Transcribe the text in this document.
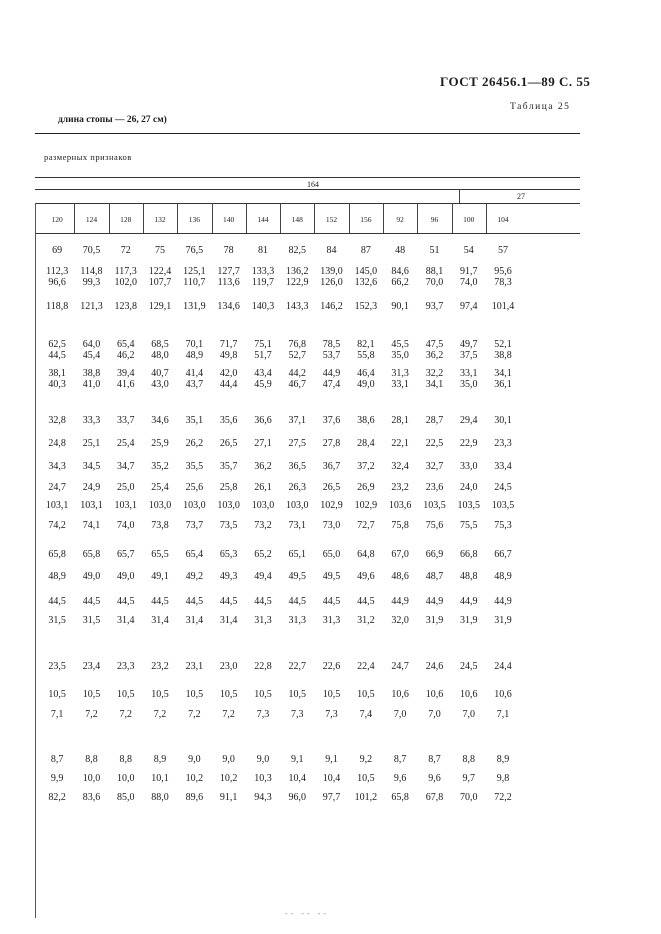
ГОСТ 26456.1—89 С. 55
Таблица 25
длина стопы — 26, 27 см)
размерных признаков
164
27
120	124	128	132	136	140	144	148	152	156	92	96	100	104
69	70,5	72	75	76,5	78	81	82,5	84	87	48	51	54	57
112,3	114,8	117,3	122,4	125,1	127,7	133,3	136,2	139,0	145,0	84,6	88,1	91,7	95,6
96,6	99,3	102,0	107,7	110,7	113,6	119,7	122,9	126,0	132,6	66,2	70,0	74,0	78,3
118,8	121,3	123,8	129,1	131,9	134,6	140,3	143,3	146,2	152,3	90,1	93,7	97,4	101,4
62,5	64,0	65,4	68,5	70,1	71,7	75,1	76,8	78,5	82,1	45,5	47,5	49,7	52,1
44,5	45,4	46,2	48,0	48,9	49,8	51,7	52,7	53,7	55,8	35,0	36,2	37,5	38,8
38,1	38,8	39,4	40,7	41,4	42,0	43,4	44,2	44,9	46,4	31,3	32,2	33,1	34,1
40,3	41,0	41,6	43,0	43,7	44,4	45,9	46,7	47,4	49,0	33,1	34,1	35,0	36,1
32,8	33,3	33,7	34,6	35,1	35,6	36,6	37,1	37,6	38,6	28,1	28,7	29,4	30,1
24,8	25,1	25,4	25,9	26,2	26,5	27,1	27,5	27,8	28,4	22,1	22,5	22,9	23,3
34,3	34,5	34,7	35,2	35,5	35,7	36,2	36,5	36,7	37,2	32,4	32,7	33,0	33,4
24,7	24,9	25,0	25,4	25,6	25,8	26,1	26,3	26,5	26,9	23,2	23,6	24,0	24,5
103,1	103,1	103,1	103,0	103,0	103,0	103,0	103,0	102,9	102,9	103,6	103,5	103,5	103,5
74,2	74,1	74,0	73,8	73,7	73,5	73,2	73,1	73,0	72,7	75,8	75,6	75,5	75,3
65,8	65,8	65,7	65,5	65,4	65,3	65,2	65,1	65,0	64,8	67,0	66,9	66,8	66,7
48,9	49,0	49,0	49,1	49,2	49,3	49,4	49,5	49,5	49,6	48,6	48,7	48,8	48,9
44,5	44,5	44,5	44,5	44,5	44,5	44,5	44,5	44,5	44,5	44,9	44,9	44,9	44,9
31,5	31,5	31,4	31,4	31,4	31,4	31,3	31,3	31,3	31,2	32,0	31,9	31,9	31,9
23,5	23,4	23,3	23,2	23,1	23,0	22,8	22,7	22,6	22,4	24,7	24,6	24,5	24,4
10,5	10,5	10,5	10,5	10,5	10,5	10,5	10,5	10,5	10,5	10,6	10,6	10,6	10,6
7,1	7,2	7,2	7,2	7,2	7,2	7,3	7,3	7,3	7,4	7,0	7,0	7,0	7,1
8,7	8,8	8,8	8,9	9,0	9,0	9,0	9,1	9,1	9,2	8,7	8,7	8,8	8,9
9,9	10,0	10,0	10,1	10,2	10,2	10,3	10,4	10,4	10,5	9,6	9,6	9,7	9,8
82,2	83,6	85,0	88,0	89,6	91,1	94,3	96,0	97,7	101,2	65,8	67,8	70,0	72,2
-- -- --
